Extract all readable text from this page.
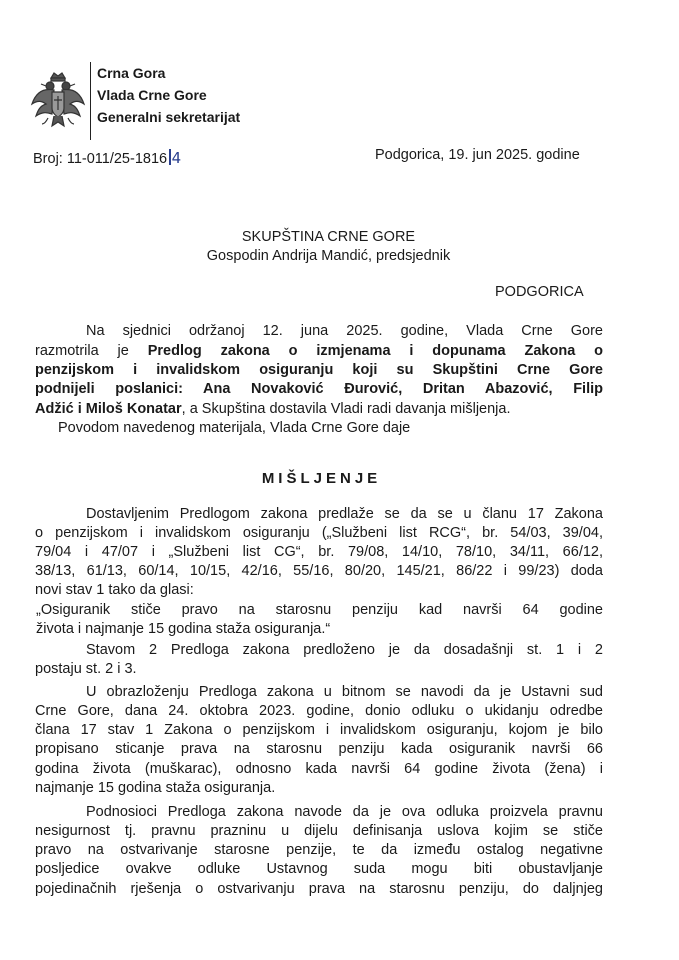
Crna Gora
Vlada Crne Gore
Generalni sekretarijat
Broj: 11-011/25-1816 4	Podgorica, 19. jun 2025. godine
SKUPŠTINA CRNE GORE
Gospodin Andrija Mandić, predsjednik
PODGORICA
Na sjednici održanoj 12. juna 2025. godine, Vlada Crne Gore
razmotrila je Predlog zakona o izmjenama i dopunama Zakona o
penzijskom i invalidskom osiguranju koji su Skupštini Crne Gore
podnijeli poslanici: Ana Novaković Đurović, Dritan Abazović, Filip
Adžić i Miloš Konatar, a Skupština dostavila Vladi radi davanja mišljenja.
Povodom navedenog materijala, Vlada Crne Gore daje
MIŠLJENJE
Dostavljenim Predlogom zakona predlaže se da se u članu 17 Zakona
o penzijskom i invalidskom osiguranju („Službeni list RCG“, br. 54/03, 39/04,
79/04 i 47/07 i „Službeni list CG“, br. 79/08, 14/10, 78/10, 34/11, 66/12,
38/13, 61/13, 60/14, 10/15, 42/16, 55/16, 80/20, 145/21, 86/22 i 99/23) doda
novi stav 1 tako da glasi:
„Osiguranik stiče pravo na starosnu penziju kad navrši 64 godine
života i najmanje 15 godina staža osiguranja.“
Stavom 2 Predloga zakona predloženo je da dosadašnji st. 1 i 2
postaju st. 2 i 3.
U obrazloženju Predloga zakona u bitnom se navodi da je Ustavni sud
Crne Gore, dana 24. oktobra 2023. godine, donio odluku o ukidanju odredbe
člana 17 stav 1 Zakona o penzijskom i invalidskom osiguranju, kojom je bilo
propisano sticanje prava na starosnu penziju kada osiguranik navrši 66
godina života (muškarac), odnosno kada navrši 64 godine života (žena) i
najmanje 15 godina staža osiguranja.
Podnosioci Predloga zakona navode da je ova odluka proizvela pravnu
nesigurnost tj. pravnu prazninu u dijelu definisanja uslova kojim se stiče
pravo na ostvarivanje starosne penzije, te da između ostalog negativne
posljedice ovakve odluke Ustavnog suda mogu biti obustavljanje
pojedinačnih rješenja o ostvarivanju prava na starosnu penziju, do daljnjeg
